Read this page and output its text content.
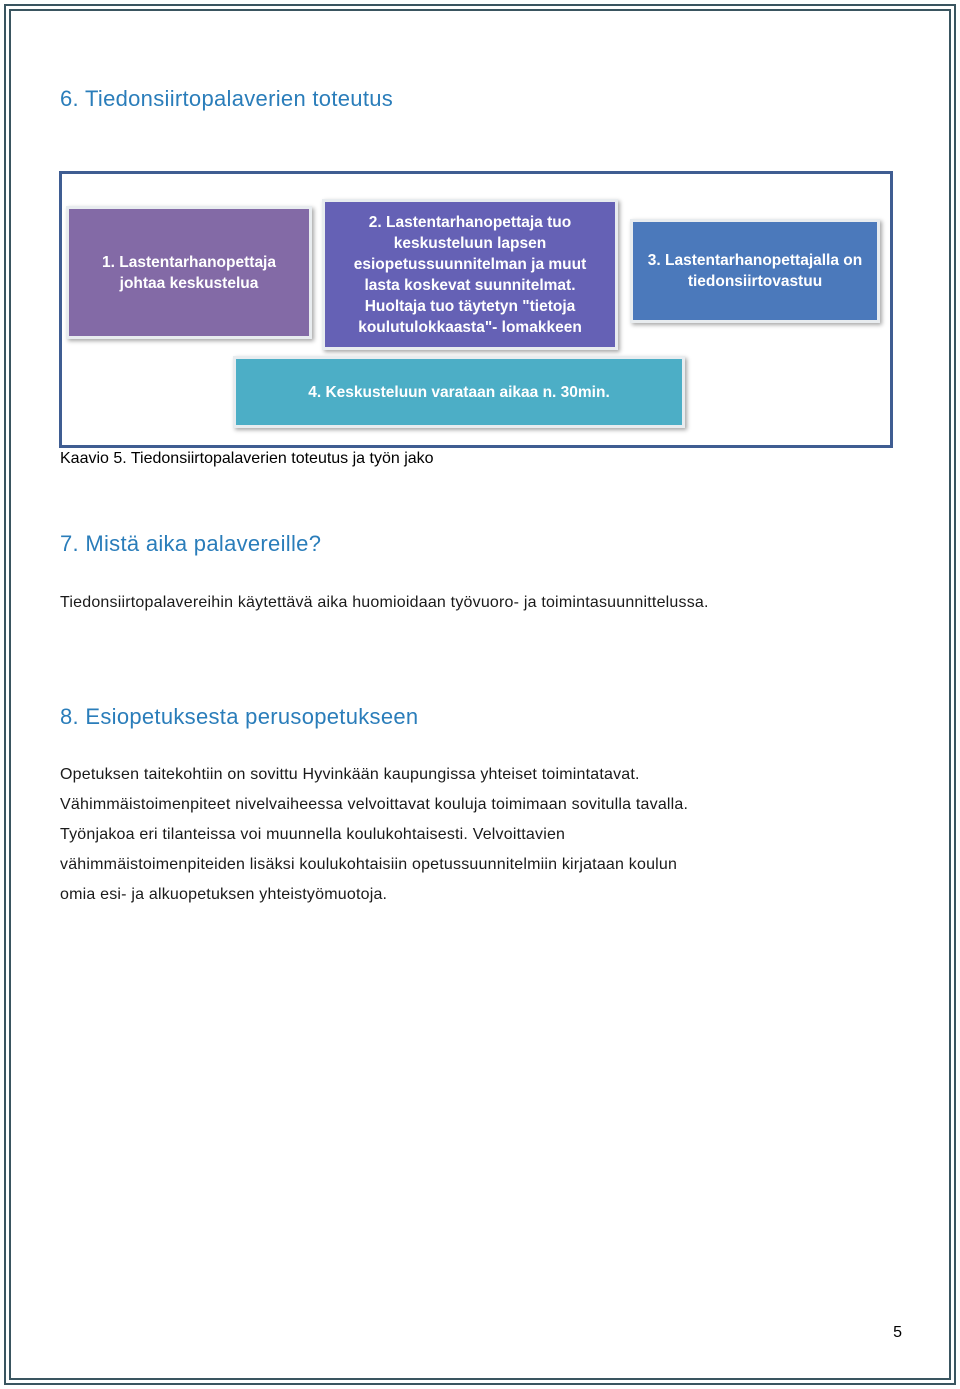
6. Tiedonsiirtopalaverien toteutus
1. Lastentarhanopettaja
johtaa keskustelua
2. Lastentarhanopettaja tuo
keskusteluun lapsen
esiopetussuunnitelman ja muut
lasta koskevat suunnitelmat.
Huoltaja tuo täytetyn "tietoja
koulutulokkaasta"- lomakkeen
3. Lastentarhanopettajalla on
tiedonsiirtovastuu
4. Keskusteluun varataan aikaa n. 30min.

Kaavio 5. Tiedonsiirtopalaverien toteutus ja työn jako

7. Mistä aika palavereille?

Tiedonsiirtopalavereihin käytettävä aika huomioidaan työvuoro- ja toimintasuunnittelussa.

8. Esiopetuksesta perusopetukseen
Opetuksen taitekohtiin on sovittu Hyvinkään kaupungissa yhteiset toimintatavat.
Vähimmäistoimenpiteet nivelvaiheessa velvoittavat kouluja toimimaan sovitulla tavalla.
Työnjakoa eri tilanteissa voi muunnella koulukohtaisesti. Velvoittavien
vähimmäistoimenpiteiden lisäksi koulukohtaisiin opetussuunnitelmiin kirjataan koulun
omia esi- ja alkuopetuksen yhteistyömuotoja.
5
